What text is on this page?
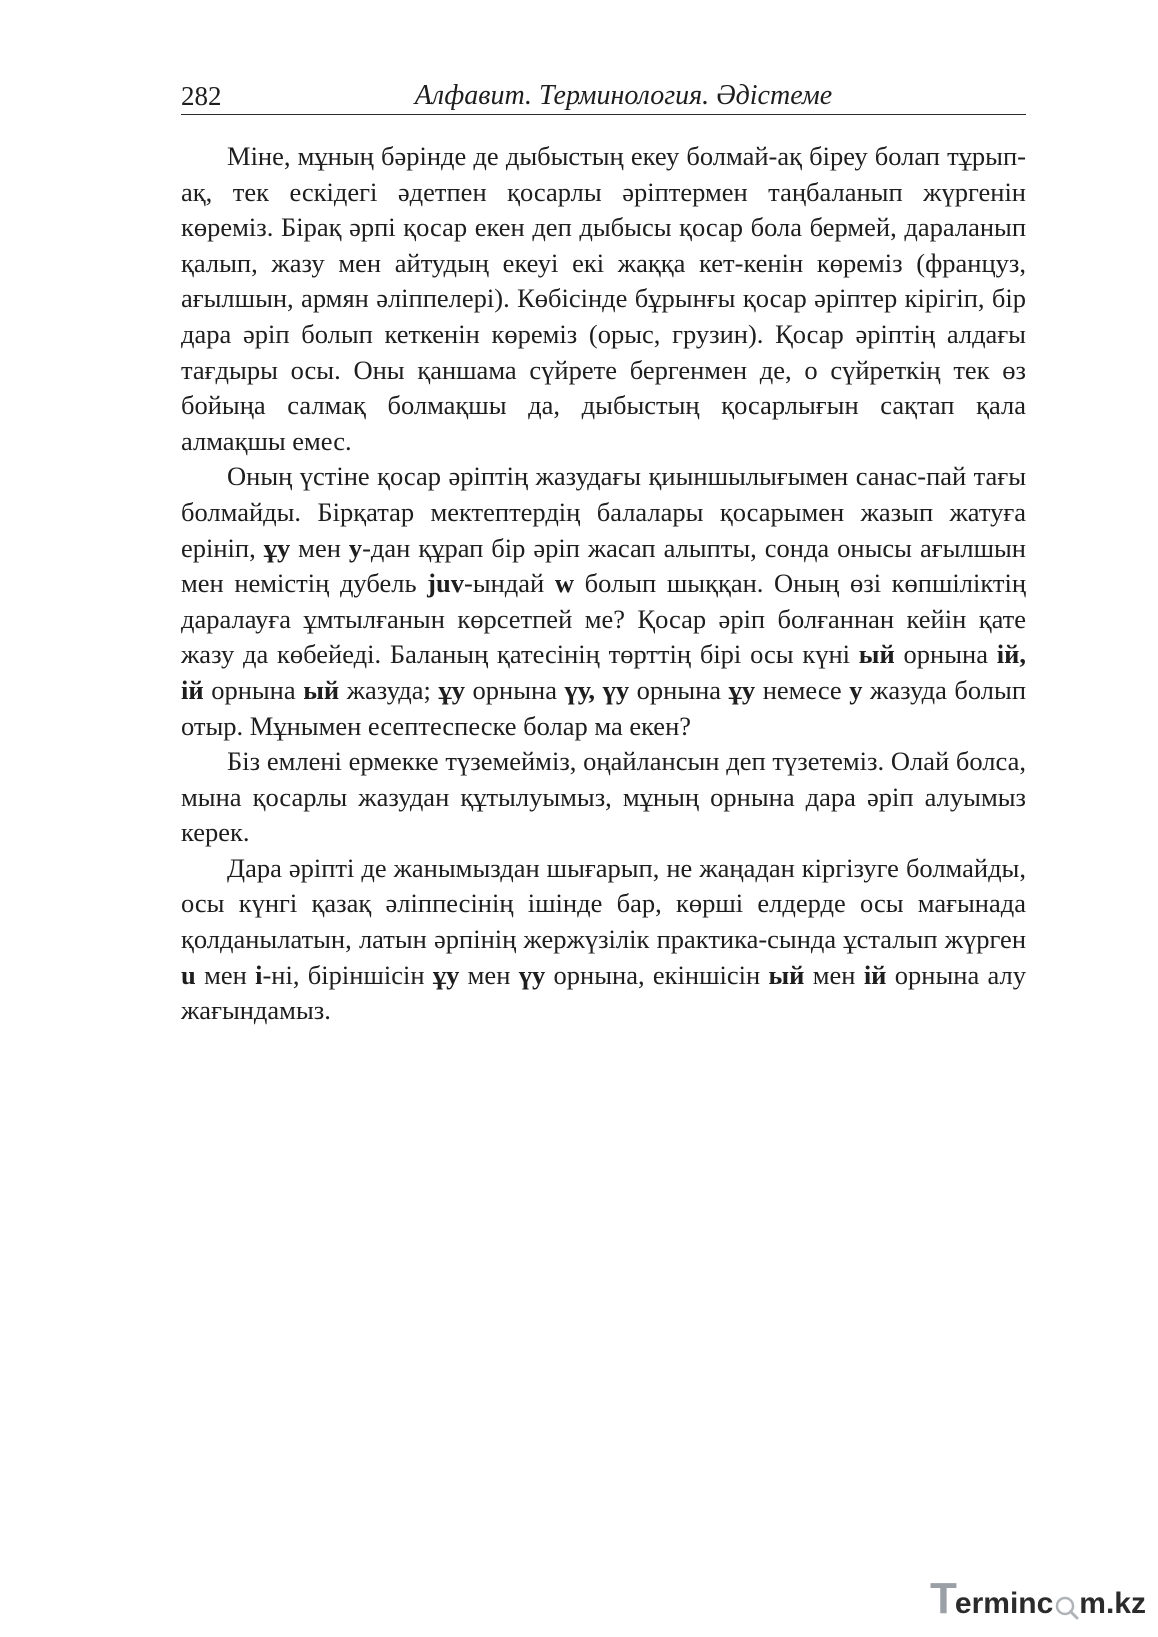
282	Алфавит. Терминология. Әдістеме

Міне, мұның бәрінде де дыбыстың екеу болмай-ақ біреу болап тұрып-ақ, тек ескідегі әдетпен қосарлы әріптермен таңбаланып жүргенін көреміз. Бірақ әрпі қосар екен деп дыбысы қосар бола бермей, дараланып қалып, жазу мен айтудың екеуі екі жаққа кет-кенін көреміз (француз, ағылшын, армян әліппелері). Көбісінде бұрынғы қосар әріптер кірігіп, бір дара әріп болып кеткенін көреміз (орыс, грузин). Қосар әріптің алдағы тағдыры осы. Оны қаншама сүйрете бергенмен де, о сүйреткің тек өз бойыңа салмақ болмақшы да, дыбыстың қосарлығын сақтап қала алмақшы емес.

Оның үстіне қосар әріптің жазудағы қиыншылығымен санас-пай тағы болмайды. Бірқатар мектептердің балалары қосарымен жазып жатуға ерініп, ұу мен у-дан құрап бір әріп жасап алыпты, сонда онысы ағылшын мен немістің дубель juv-ындай w болып шыққан. Оның өзі көпшіліктің даралауға ұмтылғанын көрсетпей ме? Қосар әріп болғаннан кейін қате жазу да көбейеді. Баланың қатесінің төрттің бірі осы күні ый орнына ій, ій орнына ый жазуда; ұу орнына үу, үу орнына ұу немесе у жазуда болып отыр. Мұнымен есептеспеске болар ма екен?

Біз емлені ермекке түземейміз, оңайлансын деп түзетеміз. Олай болса, мына қосарлы жазудан құтылуымыз, мұның орнына дара әріп алуымыз керек.

Дара әріпті де жанымыздан шығарып, не жаңадан кіргізуге болмайды, осы күнгі қазақ әліппесінің ішінде бар, көрші елдерде осы мағынада қолданылатын, латын әрпінің жержүзілік практика-сында ұсталып жүрген u мен i-ні, біріншісін ұу мен үу орнына, екіншісін ый мен ій орнына алу жағындамыз.

T
erminc m.kz
